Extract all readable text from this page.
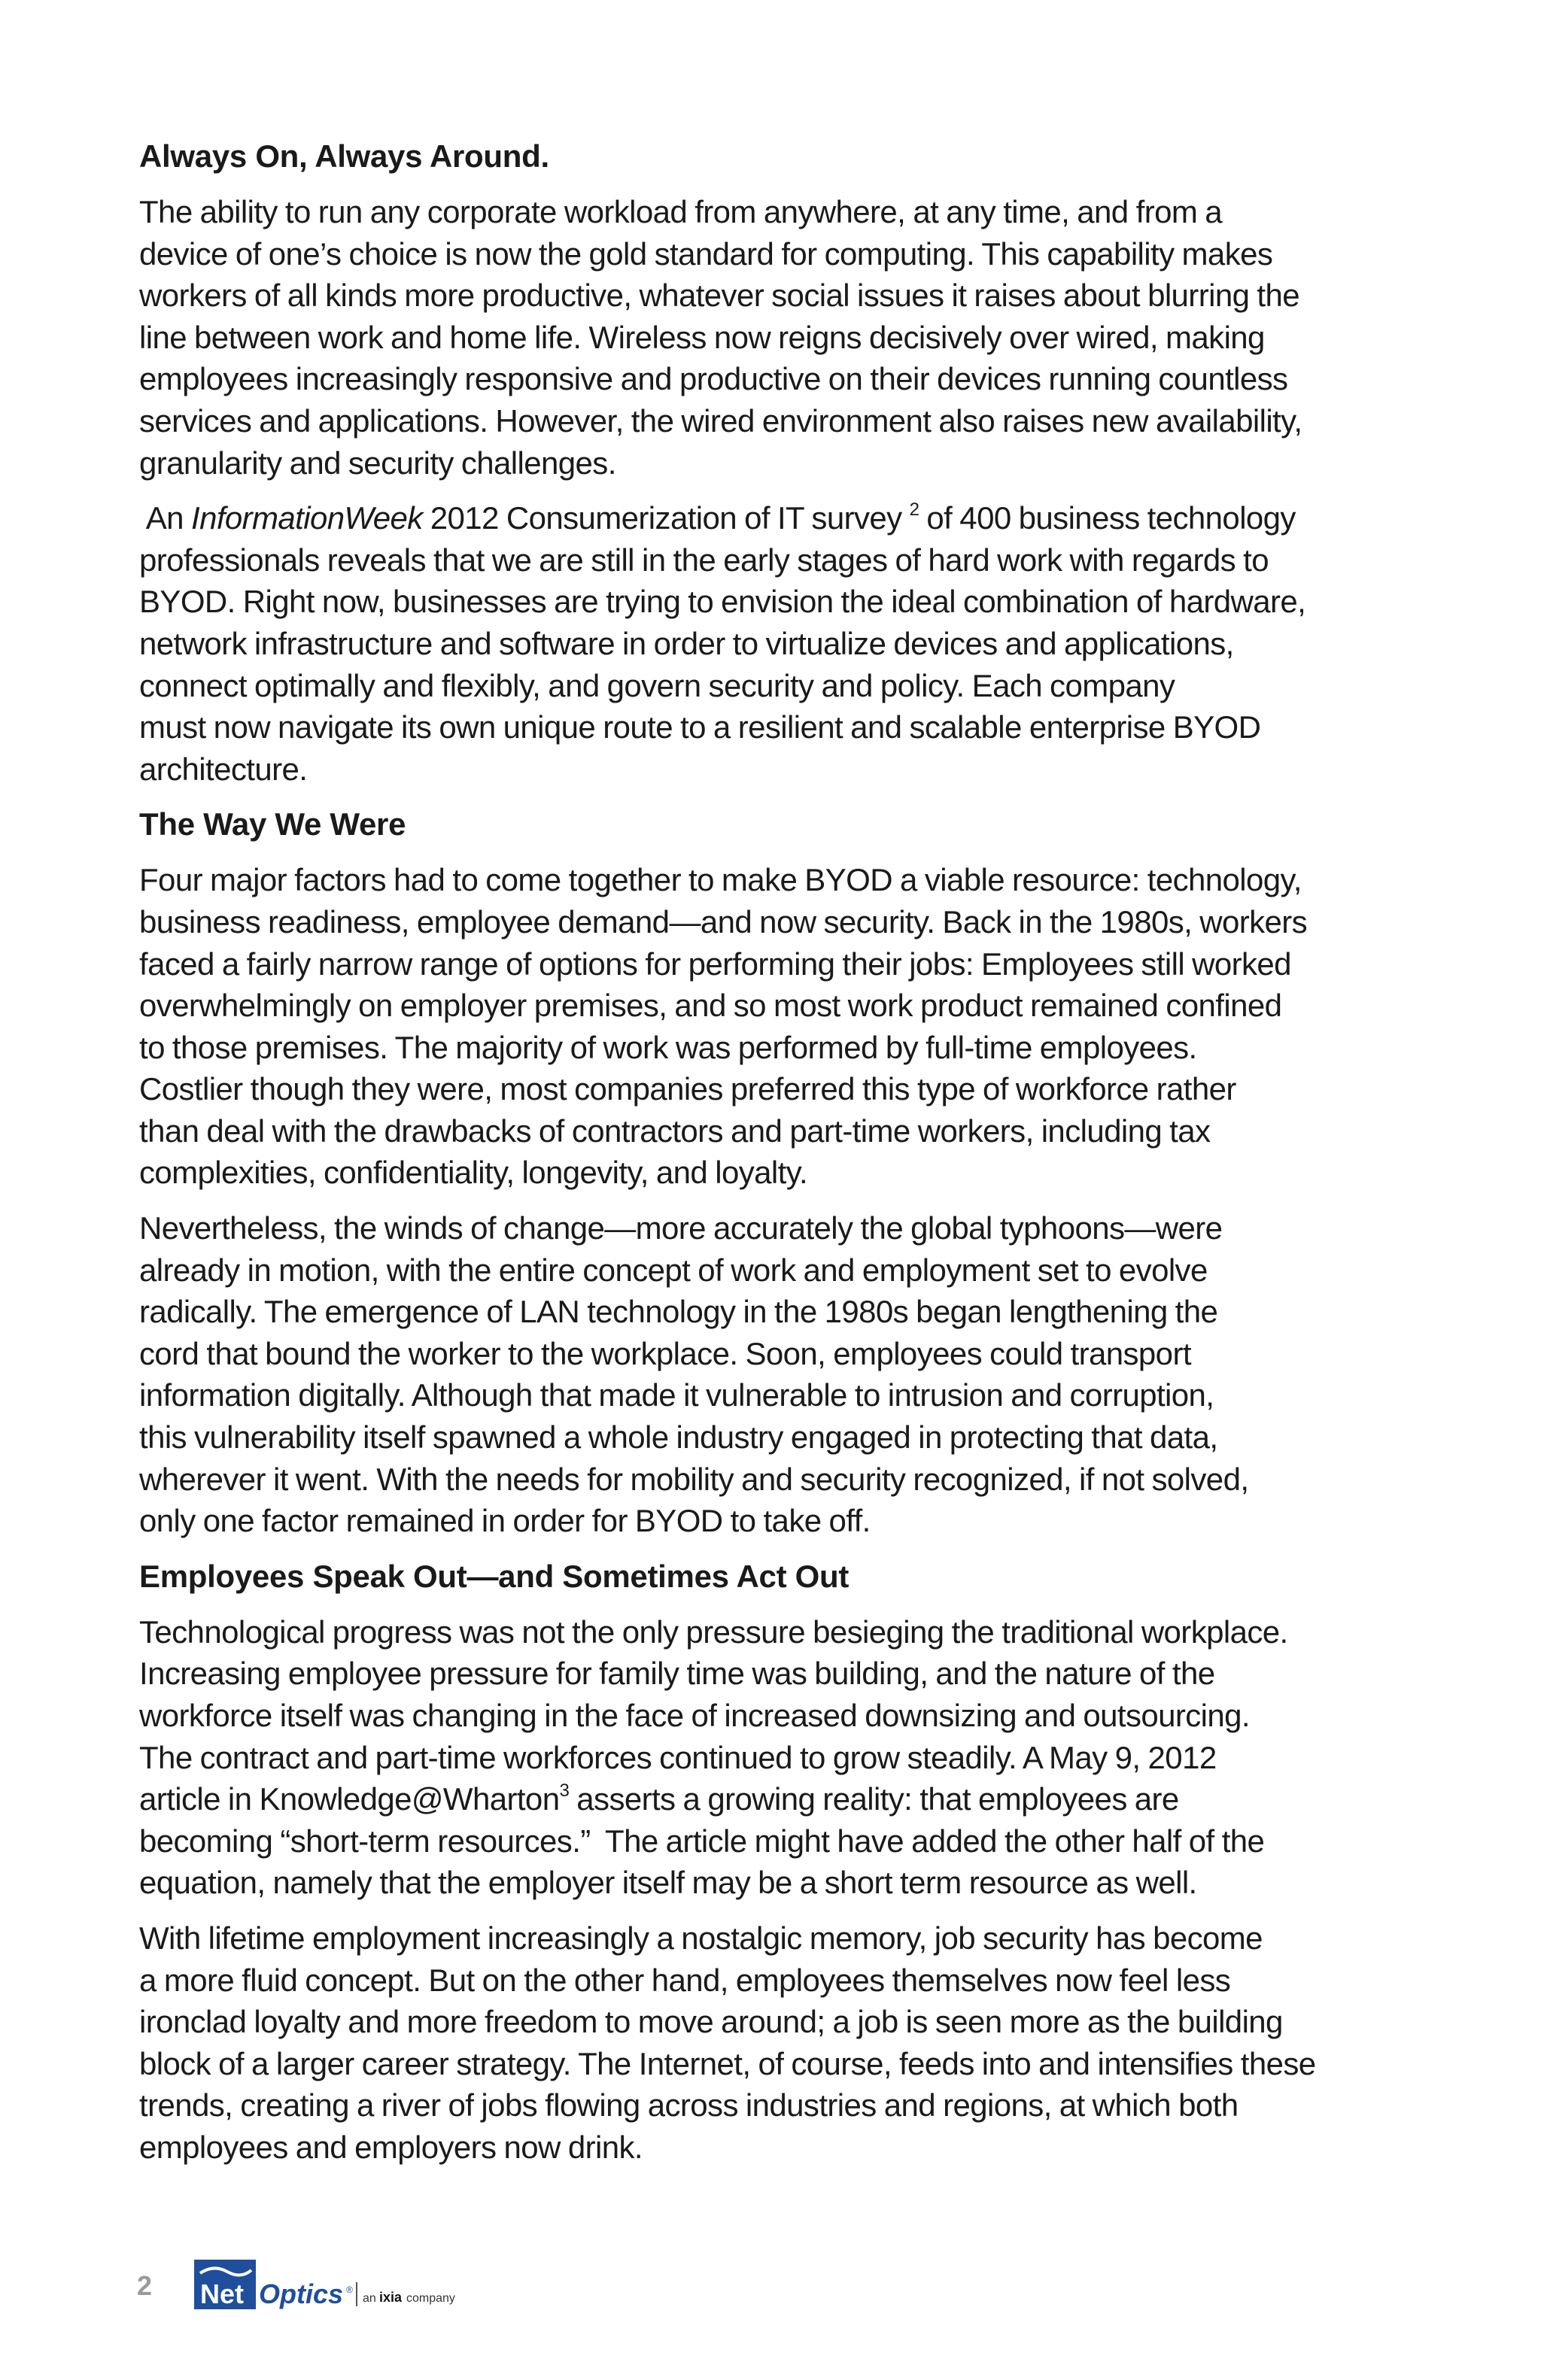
Always On, Always Around.

The ability to run any corporate workload from anywhere, at any time, and from a
device of one’s choice is now the gold standard for computing. This capability makes
workers of all kinds more productive, whatever social issues it raises about blurring the
line between work and home life. Wireless now reigns decisively over wired, making
employees increasingly responsive and productive on their devices running countless
services and applications. However, the wired environment also raises new availability,
granularity and security challenges.

An InformationWeek 2012 Consumerization of IT survey $^2$ of 400 business technology
professionals reveals that we are still in the early stages of hard work with regards to
BYOD. Right now, businesses are trying to envision the ideal combination of hardware,
network infrastructure and software in order to virtualize devices and applications,
connect optimally and flexibly, and govern security and policy. Each company
must now navigate its own unique route to a resilient and scalable enterprise BYOD
architecture.

The Way We Were

Four major factors had to come together to make BYOD a viable resource: technology,
business readiness, employee demand—and now security. Back in the 1980s, workers
faced a fairly narrow range of options for performing their jobs: Employees still worked
overwhelmingly on employer premises, and so most work product remained confined
to those premises. The majority of work was performed by full-time employees.
Costlier though they were, most companies preferred this type of workforce rather
than deal with the drawbacks of contractors and part-time workers, including tax
complexities, confidentiality, longevity, and loyalty.

Nevertheless, the winds of change—more accurately the global typhoons—were
already in motion, with the entire concept of work and employment set to evolve
radically. The emergence of LAN technology in the 1980s began lengthening the
cord that bound the worker to the workplace. Soon, employees could transport
information digitally. Although that made it vulnerable to intrusion and corruption,
this vulnerability itself spawned a whole industry engaged in protecting that data,
wherever it went. With the needs for mobility and security recognized, if not solved,
only one factor remained in order for BYOD to take off.

Employees Speak Out—and Sometimes Act Out

Technological progress was not the only pressure besieging the traditional workplace.
Increasing employee pressure for family time was building, and the nature of the
workforce itself was changing in the face of increased downsizing and outsourcing.
The contract and part-time workforces continued to grow steadily. A May 9, 2012
article in Knowledge@Wharton$^3$ asserts a growing reality: that employees are
becoming “short-term resources.”  The article might have added the other half of the
equation, namely that the employer itself may be a short term resource as well.

With lifetime employment increasingly a nostalgic memory, job security has become
a more fluid concept. But on the other hand, employees themselves now feel less
ironclad loyalty and more freedom to move around; a job is seen more as the building
block of a larger career strategy. The Internet, of course, feeds into and intensifies these
trends, creating a river of jobs flowing across industries and regions, at which both
employees and employers now drink.

2 Net Optics ®
an ixia company
